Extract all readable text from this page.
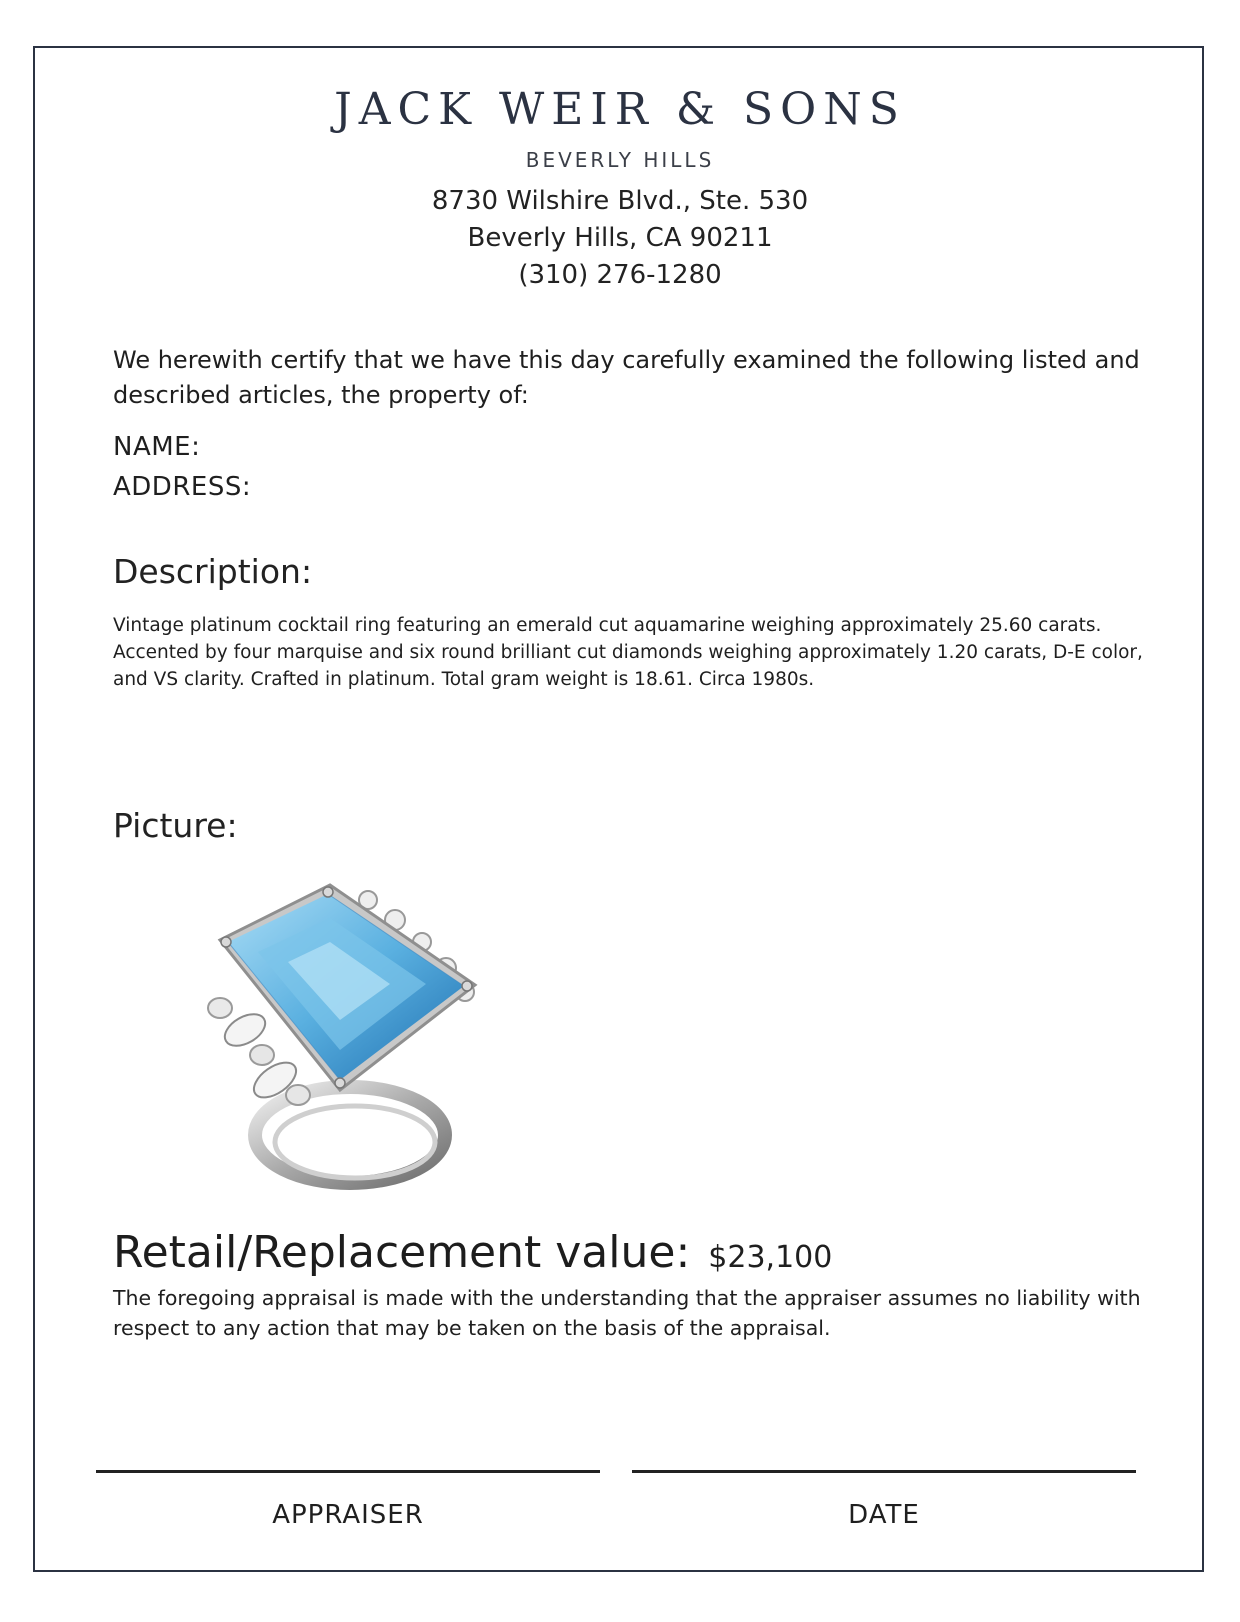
JACK WEIR & SONS
BEVERLY HILLS
8730 Wilshire Blvd., Ste. 530
Beverly Hills, CA 90211
(310) 276-1280
We herewith certify that we have this day carefully examined the following listed and described articles, the property of:
NAME:
ADDRESS:
Description:
Vintage platinum cocktail ring featuring an emerald cut aquamarine weighing approximately 25.60 carats. Accented by four marquise and six round brilliant cut diamonds weighing approximately 1.20 carats, D-E color, and VS clarity. Crafted in platinum. Total gram weight is 18.61. Circa 1980s.
Picture:
Retail/Replacement value: $23,100
The foregoing appraisal is made with the understanding that the appraiser assumes no liability with respect to any action that may be taken on the basis of the appraisal.
APPRAISER	DATE
